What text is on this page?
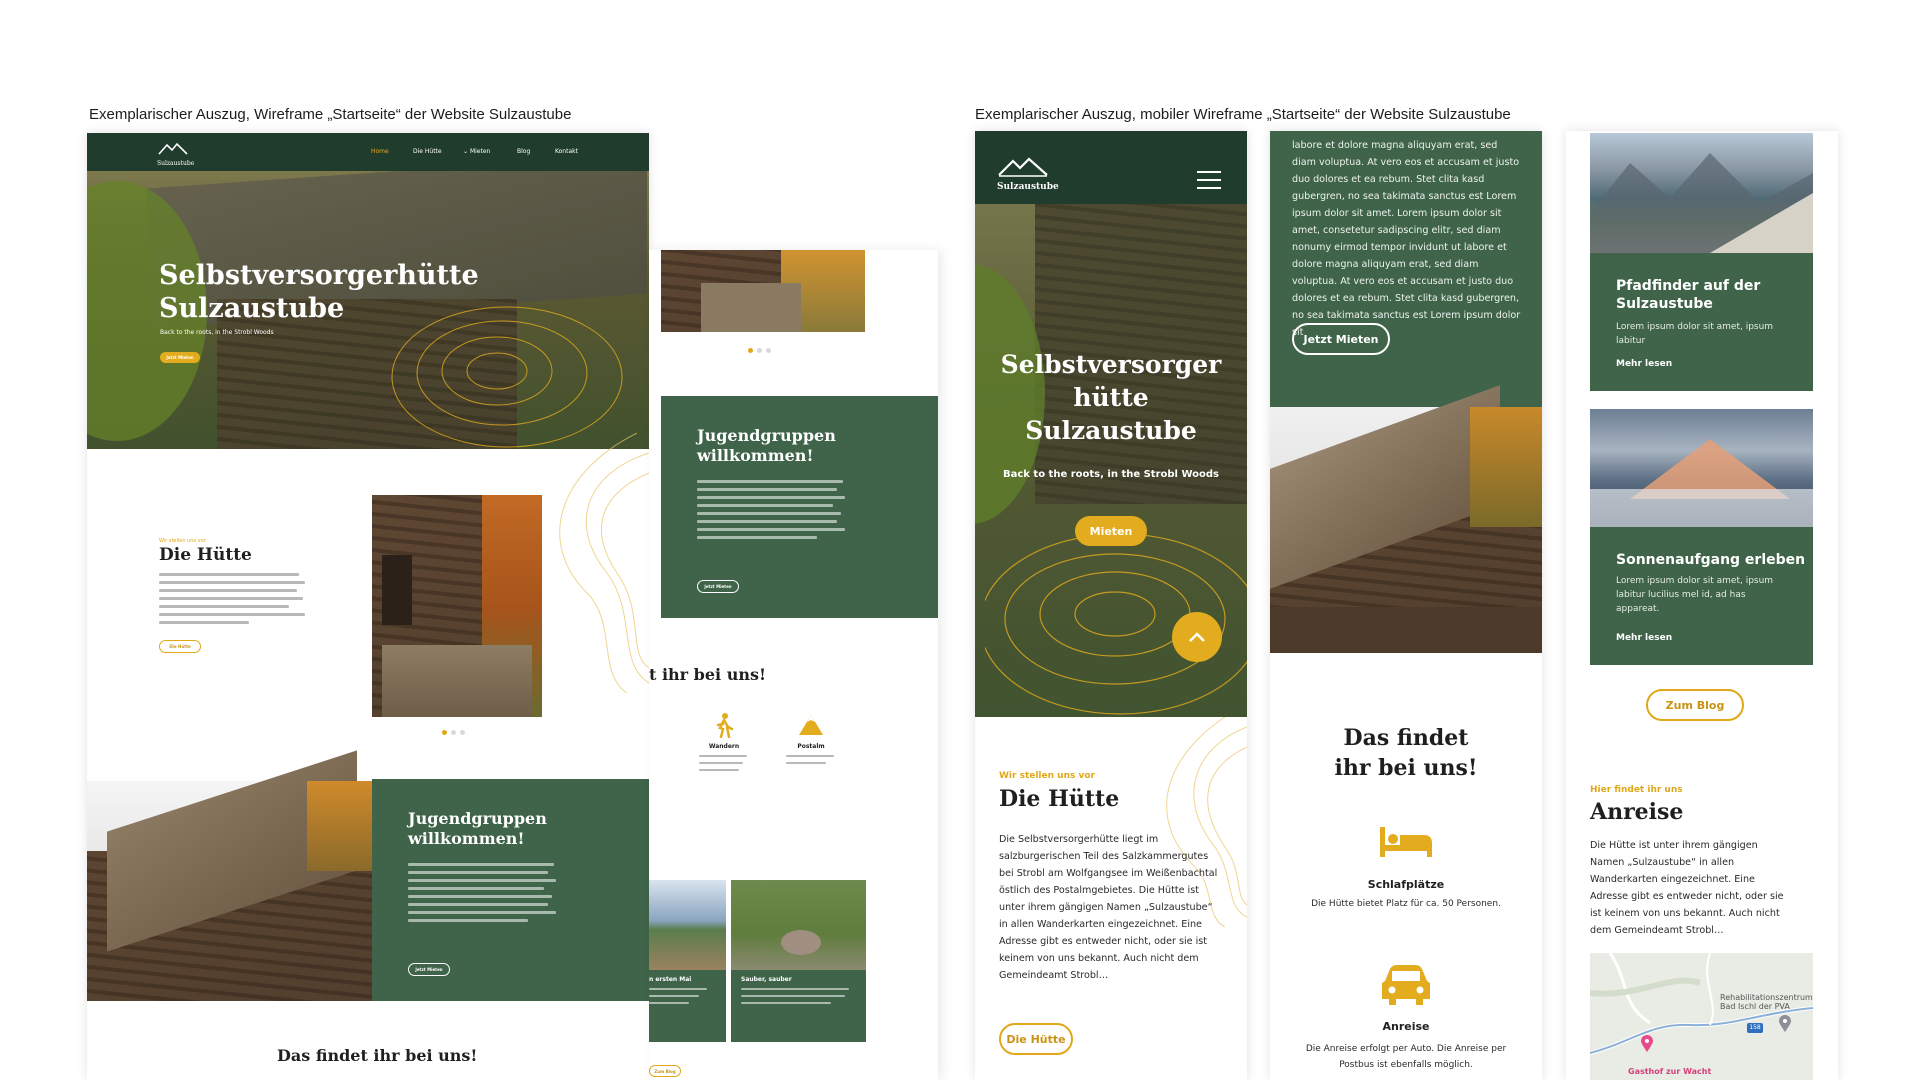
Exemplarischer Auszug, Wireframe „Startseite“ der Website Sulzaustube	Exemplarischer Auszug, mobiler Wireframe „Startseite“ der Website Sulzaustube
Sulzaustube
Home	Die Hütte	⌄ Mieten	Blog	Kontakt
Selbstversorgerhütte
Sulzaustube
Back to the roots, in the Strobl Woods
Jetzt Mieten
Wir stellen uns vor
Die Hütte
Die Hütte
Jugendgruppen
willkommen!
Jetzt Mieten
Das findet ihr bei uns!
Jugendgruppen
willkommen!
Jetzt Mieten
t ihr bei uns!
Wandern	Postalm
n ersten Mai	Sauber, sauber
Zum Blog
Sulzaustube
Selbstversorger
hütte
Sulzaustube
Back to the roots, in the Strobl Woods
Mieten
Wir stellen uns vor
Die Hütte
Die Selbstversorgerhütte liegt im salzburgerischen Teil des Salzkammergutes bei Strobl am Wolfgangsee im Weißenbachtal östlich des Postalmgebietes. Die Hütte ist unter ihrem gängigen Namen „Sulzaustube“ in allen Wanderkarten eingezeichnet. Eine Adresse gibt es entweder nicht, oder sie ist keinem von uns bekannt. Auch nicht dem Gemeindeamt Strobl…
Die Hütte
labore et dolore magna aliquyam erat, sed diam voluptua. At vero eos et accusam et justo duo dolores et ea rebum. Stet clita kasd gubergren, no sea takimata sanctus est Lorem ipsum dolor sit amet. Lorem ipsum dolor sit amet, consetetur sadipscing elitr, sed diam nonumy eirmod tempor invidunt ut labore et dolore magna aliquyam erat, sed diam voluptua. At vero eos et accusam et justo duo dolores et ea rebum. Stet clita kasd gubergren, no sea takimata sanctus est Lorem ipsum dolor sit Jetzt Mieten
Das findet
ihr bei uns!
Schlafplätze
Die Hütte bietet Platz für ca. 50 Personen.
Anreise
Die Anreise erfolgt per Auto. Die Anreise per Postbus ist ebenfalls möglich.
Pfadfinder auf der Sulzaustube
Lorem ipsum dolor sit amet, ipsum labitur
Mehr lesen
Sonnenaufgang erleben
Lorem ipsum dolor sit amet, ipsum labitur lucilius mel id, ad has appareat.
Mehr lesen
Zum Blog
Hier findet ihr uns
Anreise
Die Hütte ist unter ihrem gängigen Namen „Sulzaustube“ in allen Wanderkarten eingezeichnet. Eine Adresse gibt es entweder nicht, oder sie ist keinem von uns bekannt. Auch nicht dem Gemeindeamt Strobl…
Rehabilitationszentrum Bad Ischl der PVA
158
Gasthof zur Wacht
